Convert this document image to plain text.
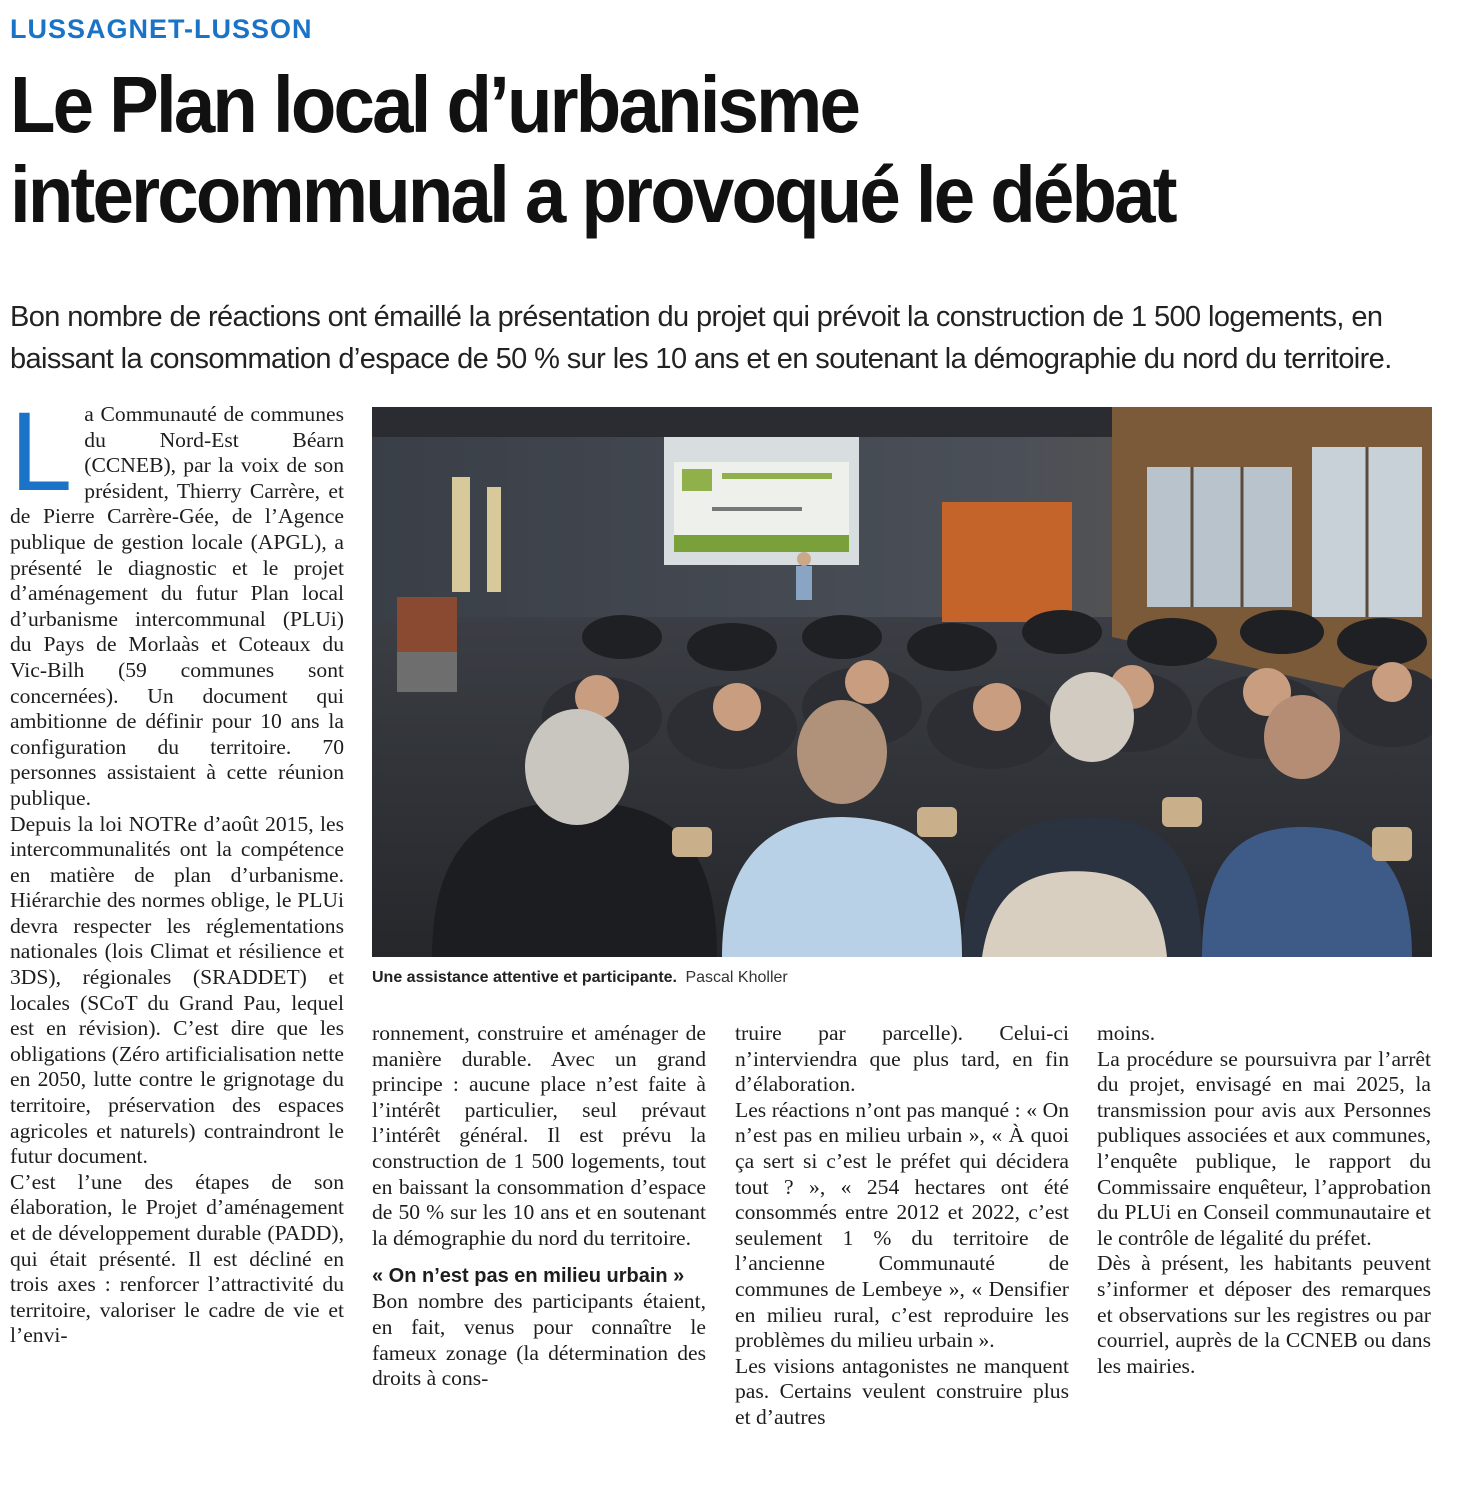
LUSSAGNET-LUSSON
Le Plan local d’urbanisme
intercommunal a provoqué le débat
Bon nombre de réactions ont émaillé la présentation du projet qui prévoit la construction de 1 500 logements, en baissant la consommation d’espace de 50 % sur les 10 ans et en soutenant la démographie du nord du territoire.

La Communauté de communes du Nord-Est Béarn (CCNEB), par la voix de son président, Thierry Carrère, et de Pierre Carrère-Gée, de l’Agence publique de gestion locale (APGL), a présenté le diagnostic et le projet d’aménagement du futur Plan local d’urbanisme intercommunal (PLUi) du Pays de Morlaàs et Coteaux du Vic-Bilh (59 communes sont concernées). Un document qui ambitionne de définir pour 10 ans la configuration du territoire. 70 personnes assistaient à cette réunion publique.

Depuis la loi NOTRe d’août 2015, les intercommunalités ont la compétence en matière de plan d’urbanisme. Hiérarchie des normes oblige, le PLUi devra respecter les réglementations nationales (lois Climat et résilience et 3DS), régionales (SRADDET) et locales (SCoT du Grand Pau, lequel est en révision). C’est dire que les obligations (Zéro artificialisation nette en 2050, lutte contre le grignotage du territoire, préservation des espaces agricoles et naturels) contraindront le futur document.

C’est l’une des étapes de son élaboration, le Projet d’aménagement et de développement durable (PADD), qui était présenté. Il est décliné en trois axes : renforcer l’attractivité du territoire, valoriser le cadre de vie et l’envi-

Une assistance attentive et participante. Pascal Kholler

ronnement, construire et aménager de manière durable. Avec un grand principe : aucune place n’est faite à l’intérêt particulier, seul prévaut l’intérêt général. Il est prévu la construction de 1 500 logements, tout en baissant la consommation d’espace de 50 % sur les 10 ans et en soutenant la démographie du nord du territoire.

« On n’est pas en milieu urbain »

Bon nombre des participants étaient, en fait, venus pour connaître le fameux zonage (la détermination des droits à cons-

truire par parcelle). Celui-ci n’interviendra que plus tard, en fin d’élaboration.

Les réactions n’ont pas manqué : « On n’est pas en milieu urbain », « À quoi ça sert si c’est le préfet qui décidera tout ? », « 254 hectares ont été consommés entre 2012 et 2022, c’est seulement 1 % du territoire de l’ancienne Communauté de communes de Lembeye », « Densifier en milieu rural, c’est reproduire les problèmes du milieu urbain ».

Les visions antagonistes ne manquent pas. Certains veulent construire plus et d’autres

moins.

La procédure se poursuivra par l’arrêt du projet, envisagé en mai 2025, la transmission pour avis aux Personnes publiques associées et aux communes, l’enquête publique, le rapport du Commissaire enquêteur, l’approbation du PLUi en Conseil communautaire et le contrôle de légalité du préfet.

Dès à présent, les habitants peuvent s’informer et déposer des remarques et observations sur les registres ou par courriel, auprès de la CCNEB ou dans les mairies.
